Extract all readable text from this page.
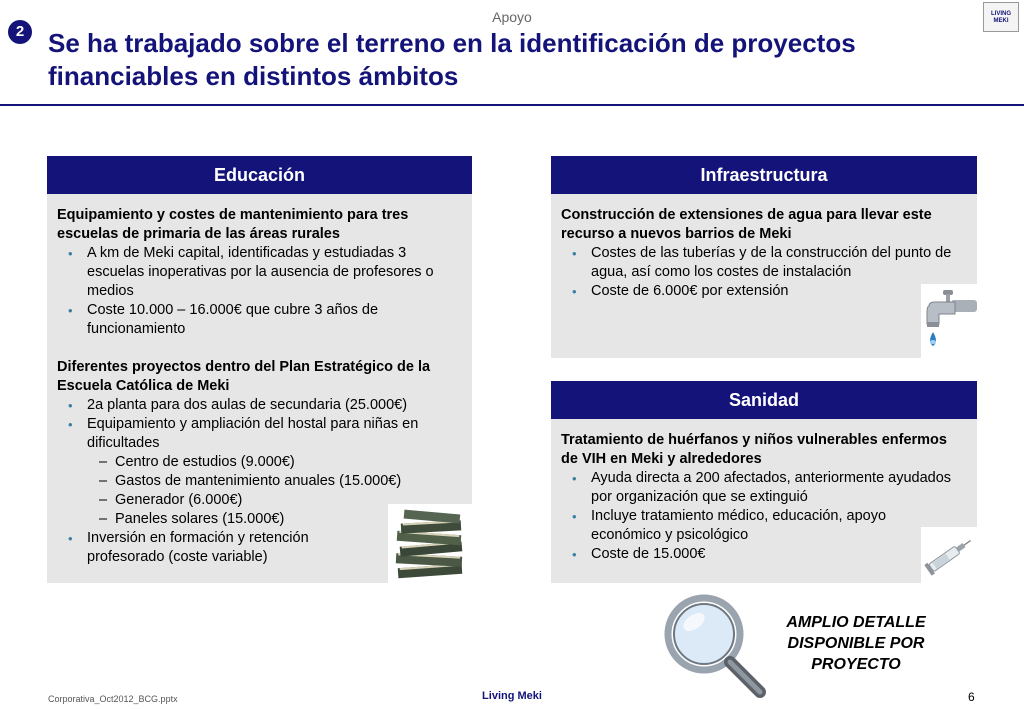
Apoyo
2 Se ha trabajado sobre el terreno en la identificación de proyectos financiables en distintos ámbitos
LIVING MEKI
Educación
Equipamiento y costes de mantenimiento para tres escuelas de primaria de las áreas rurales
• A km de Meki capital, identificadas y estudiadas 3 escuelas inoperativas por la ausencia de profesores o medios
• Coste 10.000 – 16.000€ que cubre 3 años de funcionamiento
Diferentes proyectos dentro del Plan Estratégico de la Escuela Católica de Meki
• 2a planta para dos aulas de secundaria (25.000€)
• Equipamiento y ampliación del hostal para niñas en dificultades
– Centro de estudios (9.000€)
– Gastos de mantenimiento anuales (15.000€)
– Generador (6.000€)
– Paneles solares (15.000€)
• Inversión en formación y retención profesorado (coste variable)
Infraestructura
Construcción de extensiones de agua para llevar este recurso a nuevos barrios de Meki
• Costes de las tuberías y de la construcción del punto de agua, así como los costes de instalación
• Coste de 6.000€ por extensión
Sanidad
Tratamiento de huérfanos y niños vulnerables enfermos de VIH en Meki y alrededores
• Ayuda directa a 200 afectados, anteriormente ayudados por organización que se extinguió
• Incluye tratamiento médico, educación, apoyo económico y psicológico
• Coste de 15.000€
AMPLIO DETALLE
DISPONIBLE POR
PROYECTO
Corporativa_Oct2012_BCG.pptx	Living Meki	6
